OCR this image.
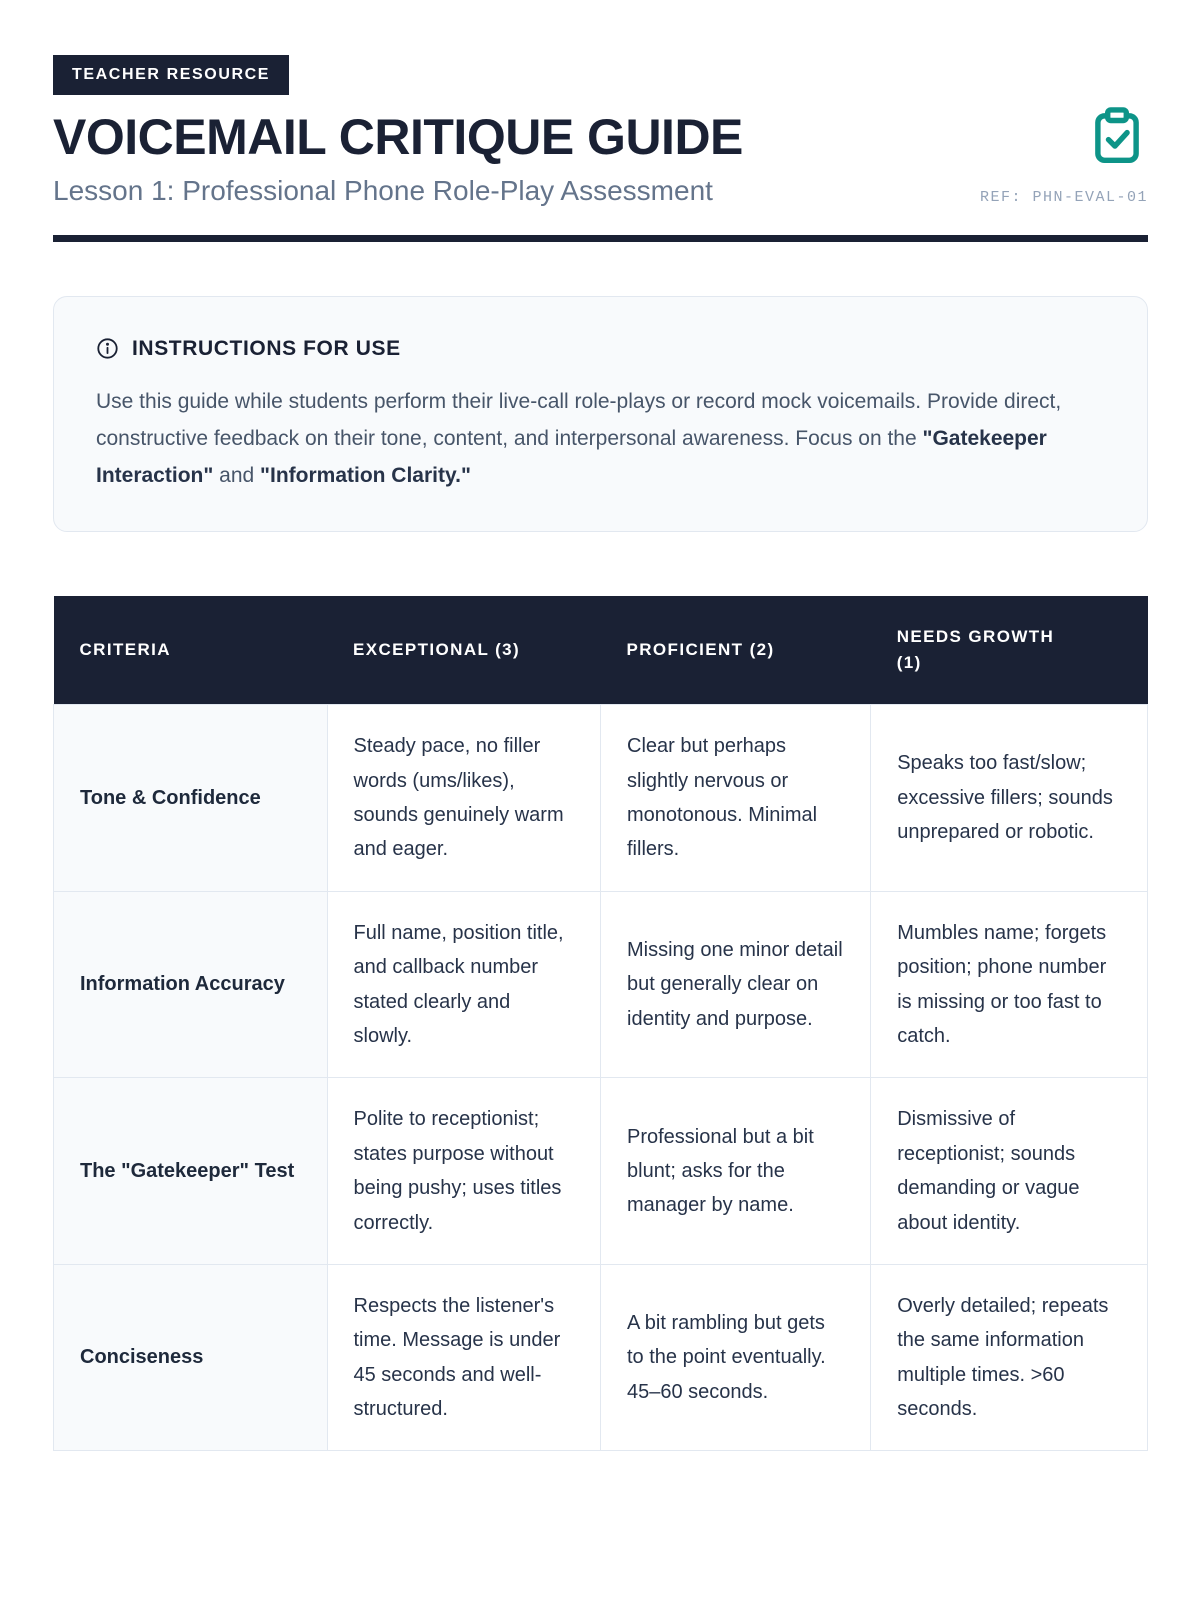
TEACHER RESOURCE
VOICEMAIL CRITIQUE GUIDE
Lesson 1: Professional Phone Role-Play Assessment	REF: PHN-EVAL-01
INSTRUCTIONS FOR USE

Use this guide while students perform their live-call role-plays or record mock voicemails. Provide direct, constructive feedback on their tone, content, and interpersonal awareness. Focus on the "Gatekeeper Interaction" and "Information Clarity."

CRITERIA	EXCEPTIONAL (3)	PROFICIENT (2)	NEEDS GROWTH (1)
Tone & Confidence	Steady pace, no filler words (ums/likes), sounds genuinely warm and eager.	Clear but perhaps slightly nervous or monotonous. Minimal fillers.	Speaks too fast/slow; excessive fillers; sounds unprepared or robotic.
Information Accuracy	Full name, position title, and callback number stated clearly and slowly.	Missing one minor detail but generally clear on identity and purpose.	Mumbles name; forgets position; phone number is missing or too fast to catch.
The "Gatekeeper" Test	Polite to receptionist; states purpose without being pushy; uses titles correctly.	Professional but a bit blunt; asks for the manager by name.	Dismissive of receptionist; sounds demanding or vague about identity.
Conciseness	Respects the listener's time. Message is under 45 seconds and well-structured.	A bit rambling but gets to the point eventually. 45–60 seconds.	Overly detailed; repeats the same information multiple times. >60 seconds.
